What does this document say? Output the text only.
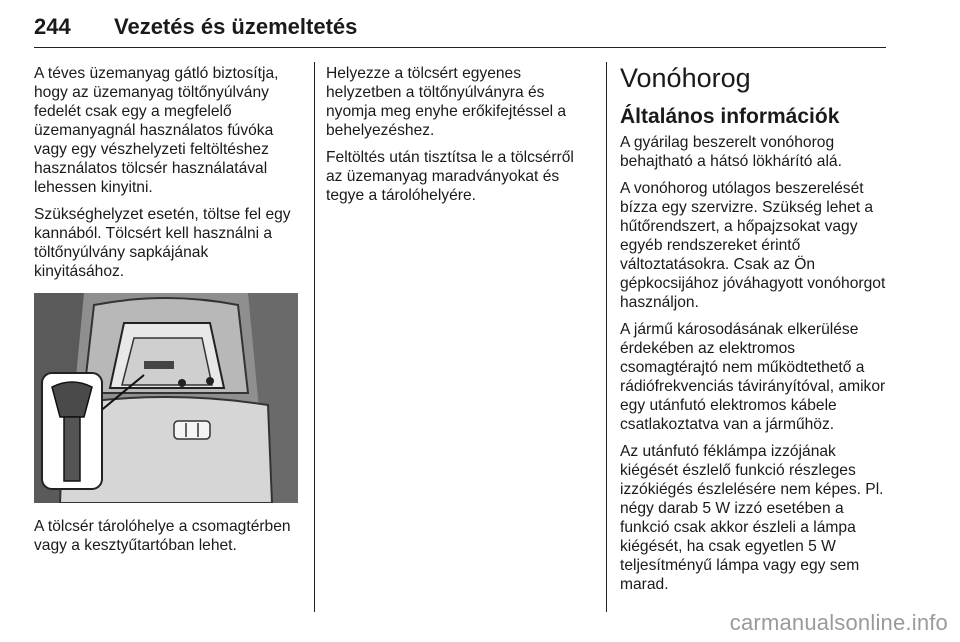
244 Vezetés és üzemeltetés

A téves üzemanyag gátló biztosítja, hogy az üzemanyag töltőnyúlvány fedelét csak egy a megfelelő üzemanyagnál használatos fúvóka vagy egy vészhelyzeti feltöltéshez használatos tölcsér használatával lehessen kinyitni.

Szükséghelyzet esetén, töltse fel egy kannából. Tölcsért kell használni a töltőnyúlvány sapkájának kinyitásához.

A tölcsér tárolóhelye a csomagtérben vagy a kesztyűtartóban lehet.

Helyezze a tölcsért egyenes helyzetben a töltőnyúlványra és nyomja meg enyhe erőkifejtéssel a behelyezéshez.

Feltöltés után tisztítsa le a tölcsérről az üzemanyag maradványokat és tegye a tárolóhelyére.

Vonóhorog
Általános információk

A gyárilag beszerelt vonóhorog behajtható a hátsó lökhárító alá.

A vonóhorog utólagos beszerelését bízza egy szervizre. Szükség lehet a hűtőrendszert, a hőpajzsokat vagy egyéb rendszereket érintő változtatásokra. Csak az Ön gépkocsijához jóváhagyott vonóhorgot használjon.

A jármű károsodásának elkerülése érdekében az elektromos csomagtérajtó nem működtethető a rádiófrekvenciás távirányítóval, amikor egy utánfutó elektromos kábele csatlakoztatva van a járműhöz.

Az utánfutó féklámpa izzójának kiégését észlelő funkció részleges izzókiégés észlelésére nem képes. Pl. négy darab 5 W izzó esetében a funkció csak akkor észleli a lámpa kiégését, ha csak egyetlen 5 W teljesítményű lámpa vagy egy sem marad.

carmanualsonline.info
